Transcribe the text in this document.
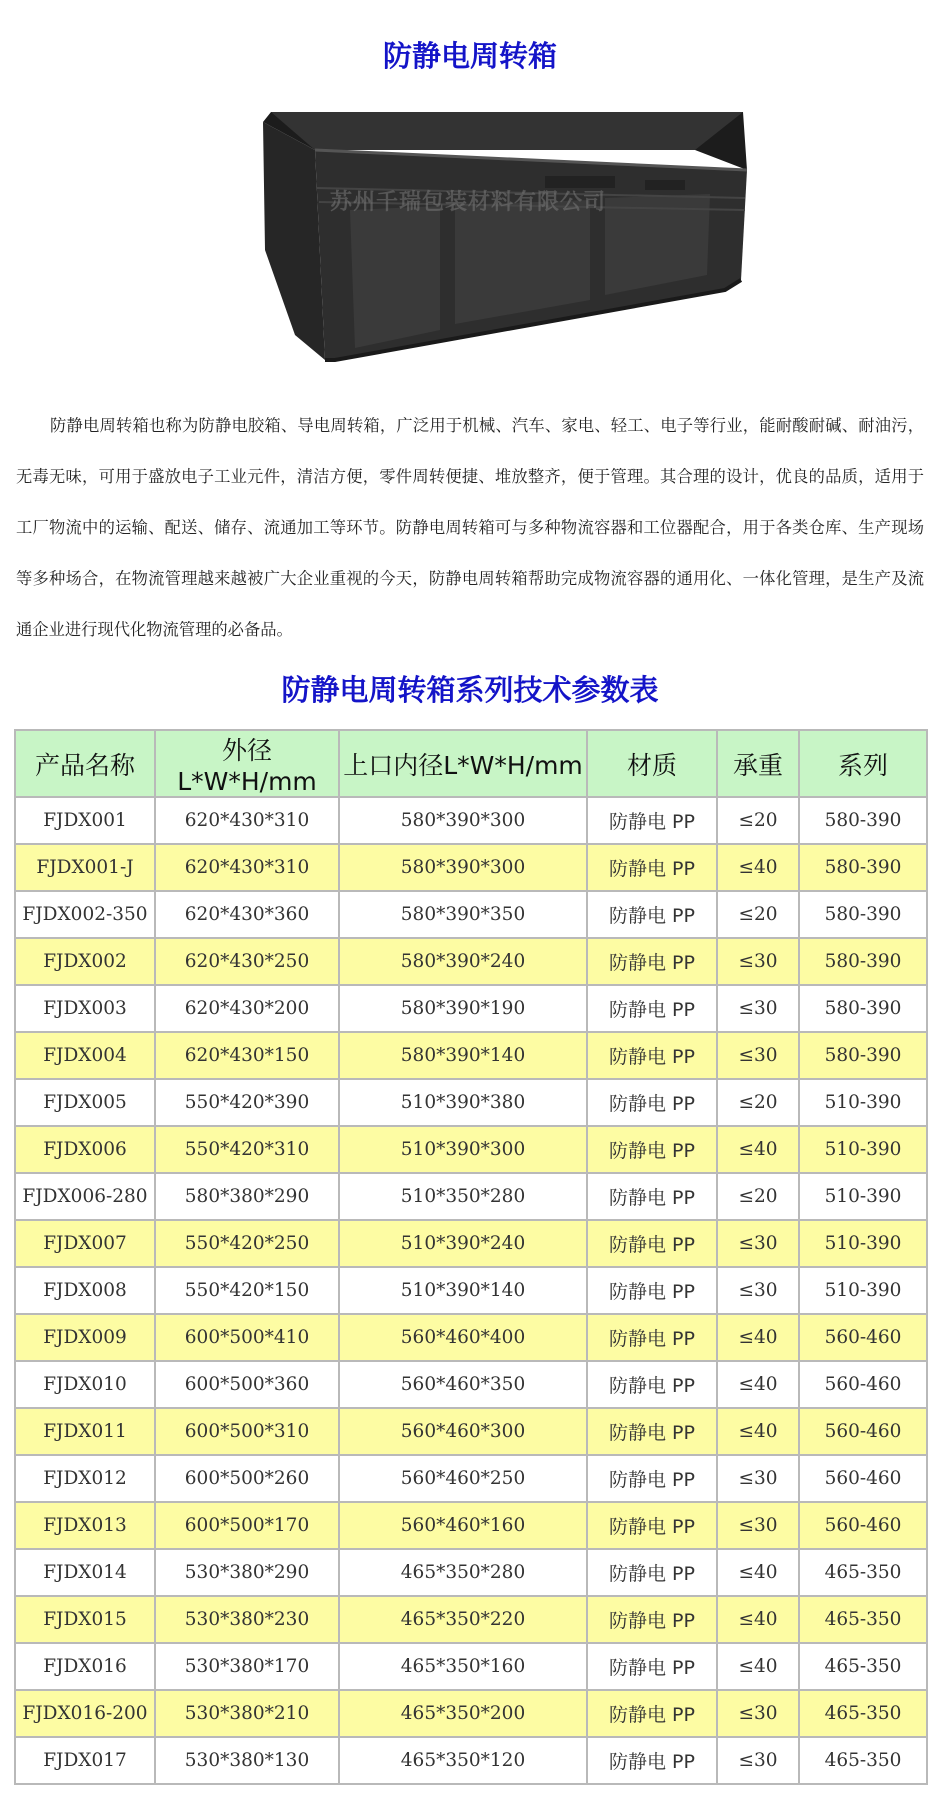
防静电周转箱
苏州千瑞包装材料有限公司
防静电周转箱也称为防静电胶箱、导电周转箱，广泛用于机械、汽车、家电、轻工、电子等行业，能耐酸耐碱、耐油污，无毒无味，可用于盛放电子工业元件，清洁方便，零件周转便捷、堆放整齐，便于管理。其合理的设计，优良的品质，适用于工厂物流中的运输、配送、储存、流通加工等环节。防静电周转箱可与多种物流容器和工位器配合，用于各类仓库、生产现场等多种场合，在物流管理越来越被广大企业重视的今天，防静电周转箱帮助完成物流容器的通用化、一体化管理，是生产及流通企业进行现代化物流管理的必备品。
防静电周转箱系列技术参数表
产品名称	外径L*W*H/mm	上口内径L*W*H/mm	材质	承重	系列
FJDX001	620*430*310	580*390*300	防静电 PP	≤20	580-390
FJDX001-J	620*430*310	580*390*300	防静电 PP	≤40	580-390
FJDX002-350	620*430*360	580*390*350	防静电 PP	≤20	580-390
FJDX002	620*430*250	580*390*240	防静电 PP	≤30	580-390
FJDX003	620*430*200	580*390*190	防静电 PP	≤30	580-390
FJDX004	620*430*150	580*390*140	防静电 PP	≤30	580-390
FJDX005	550*420*390	510*390*380	防静电 PP	≤20	510-390
FJDX006	550*420*310	510*390*300	防静电 PP	≤40	510-390
FJDX006-280	580*380*290	510*350*280	防静电 PP	≤20	510-390
FJDX007	550*420*250	510*390*240	防静电 PP	≤30	510-390
FJDX008	550*420*150	510*390*140	防静电 PP	≤30	510-390
FJDX009	600*500*410	560*460*400	防静电 PP	≤40	560-460
FJDX010	600*500*360	560*460*350	防静电 PP	≤40	560-460
FJDX011	600*500*310	560*460*300	防静电 PP	≤40	560-460
FJDX012	600*500*260	560*460*250	防静电 PP	≤30	560-460
FJDX013	600*500*170	560*460*160	防静电 PP	≤30	560-460
FJDX014	530*380*290	465*350*280	防静电 PP	≤40	465-350
FJDX015	530*380*230	465*350*220	防静电 PP	≤40	465-350
FJDX016	530*380*170	465*350*160	防静电 PP	≤40	465-350
FJDX016-200	530*380*210	465*350*200	防静电 PP	≤30	465-350
FJDX017	530*380*130	465*350*120	防静电 PP	≤30	465-350
